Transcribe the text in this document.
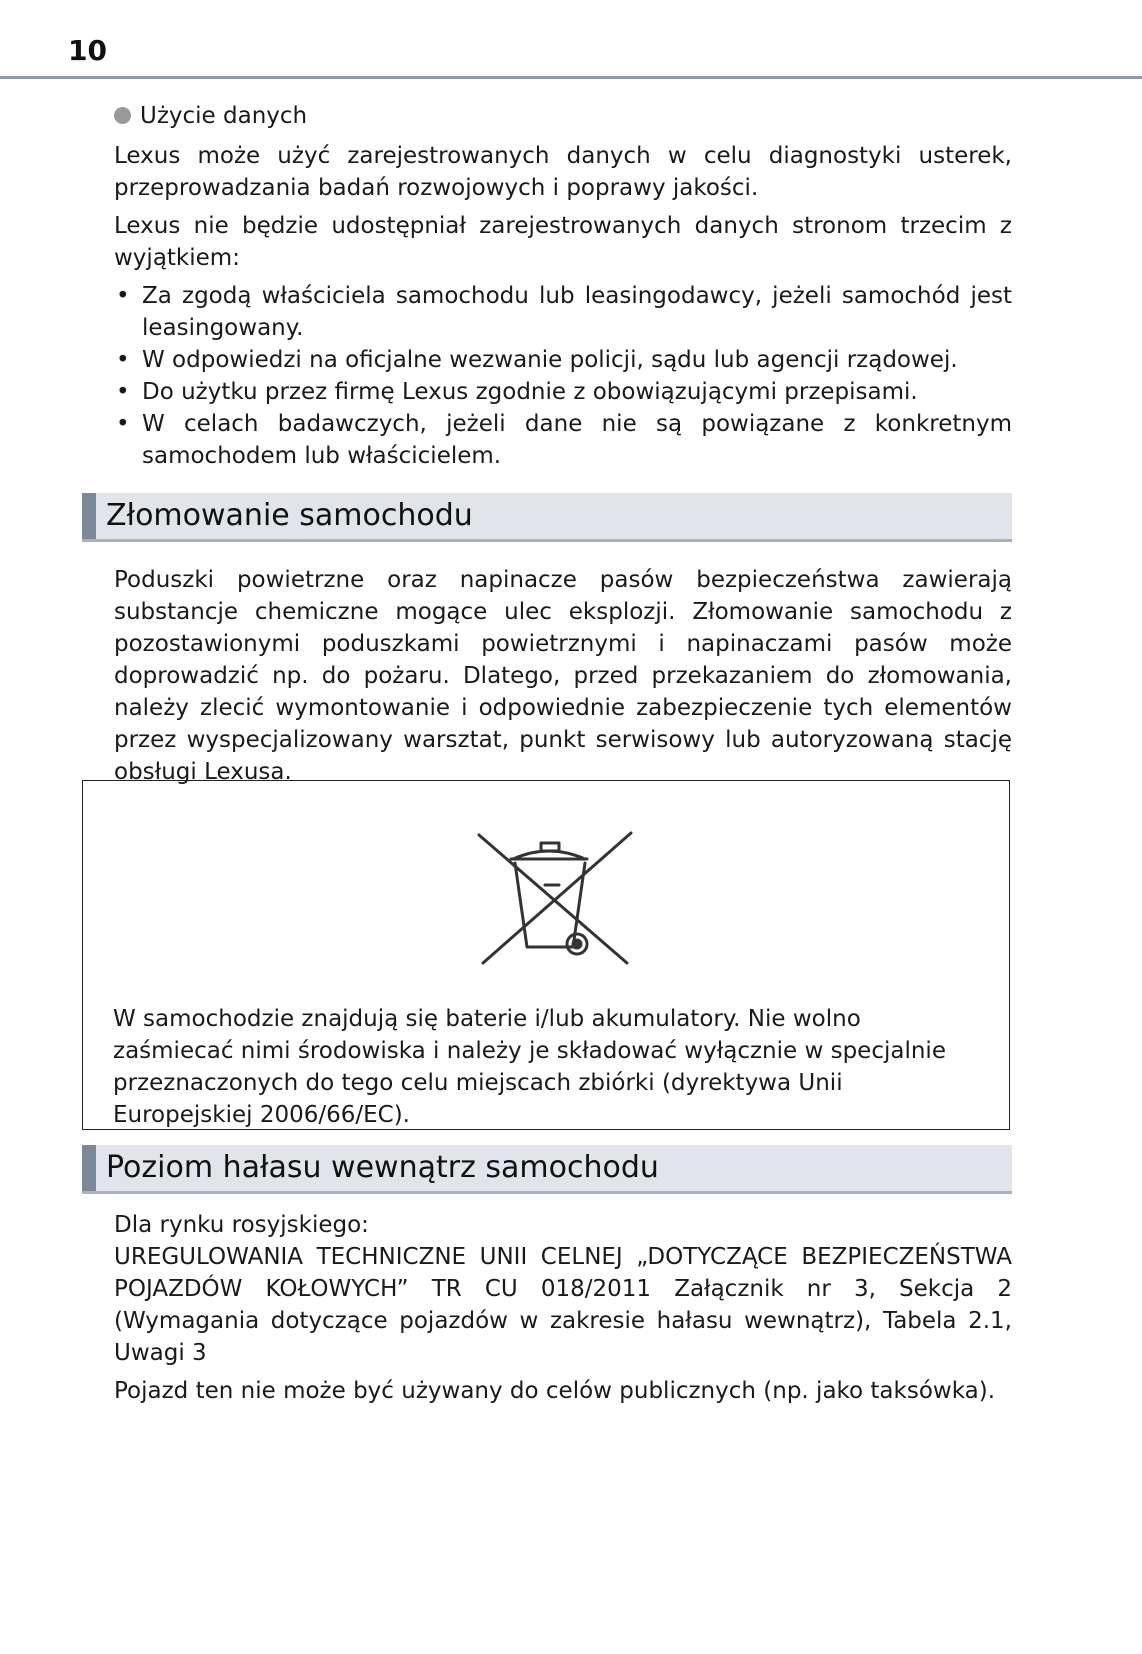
10
Użycie danych

Lexus może użyć zarejestrowanych danych w celu diagnostyki usterek, przeprowadzania badań rozwojowych i poprawy jakości.

Lexus nie będzie udostępniał zarejestrowanych danych stronom trzecim z wyjątkiem:

• Za zgodą właściciela samochodu lub leasingodawcy, jeżeli samochód jest leasingowany.
• W odpowiedzi na oficjalne wezwanie policji, sądu lub agencji rządowej.
• Do użytku przez firmę Lexus zgodnie z obowiązującymi przepisami.
• W celach badawczych, jeżeli dane nie są powiązane z konkretnym samochodem lub właścicielem.
Złomowanie samochodu

Poduszki powietrzne oraz napinacze pasów bezpieczeństwa zawierają substancje chemiczne mogące ulec eksplozji. Złomowanie samochodu z pozostawionymi poduszkami powietrznymi i napinaczami pasów może doprowadzić np. do pożaru. Dlatego, przed przekazaniem do złomowania, należy zlecić wymontowanie i odpowiednie zabezpieczenie tych elementów przez wyspecjalizowany warsztat, punkt serwisowy lub autoryzowaną stację obsługi Lexusa.

W samochodzie znajdują się baterie i/lub akumulatory. Nie wolno zaśmiecać nimi środowiska i należy je składować wyłącznie w specjalnie przeznaczonych do tego celu miejscach zbiórki (dyrektywa Unii Europejskiej 2006/66/EC).

Poziom hałasu wewnątrz samochodu

Dla rynku rosyjskiego:

UREGULOWANIA TECHNICZNE UNII CELNEJ „DOTYCZĄCE BEZPIECZEŃSTWA POJAZDÓW KOŁOWYCH” TR CU 018/2011 Załącznik nr 3, Sekcja 2 (Wymagania dotyczące pojazdów w zakresie hałasu wewnątrz), Tabela 2.1, Uwagi 3

Pojazd ten nie może być używany do celów publicznych (np. jako taksówka).
